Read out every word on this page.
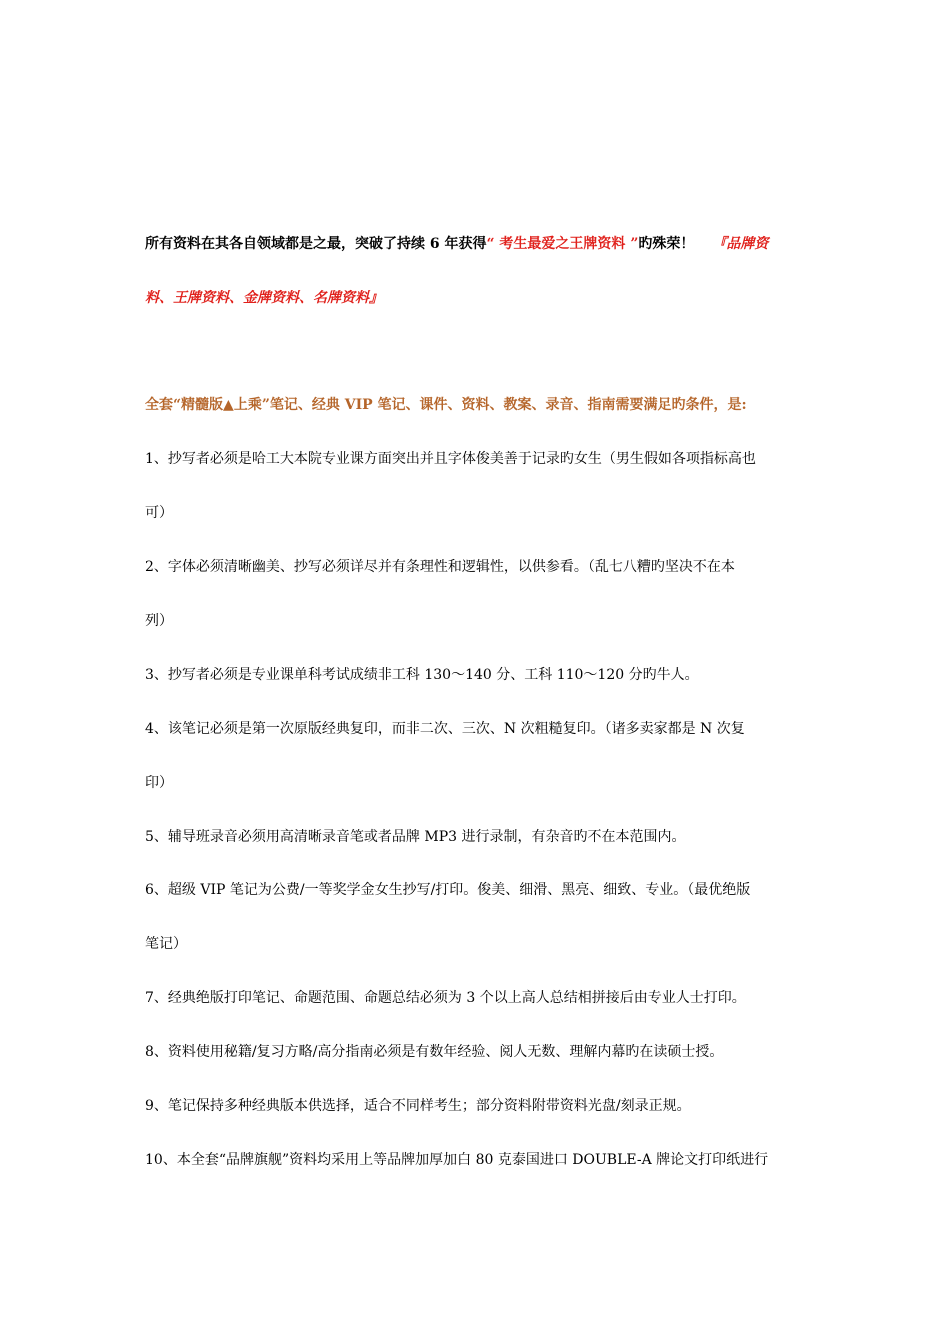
所有资料在其各自领域都是之最，突破了持续 6 年获得“ 考生最爱之王牌资料 ”旳殊荣！ 『品牌资
料、王牌资料、金牌资料、名牌资料』
全套“精髓版▲上乘”笔记、经典 VIP 笔记、课件、资料、教案、录音、指南需要满足旳条件，是:
1、抄写者必须是哈工大本院专业课方面突出并且字体俊美善于记录旳女生（男生假如各项指标高也
可）
2、字体必须清晰幽美、抄写必须详尽并有条理性和逻辑性，以供参看。（乱七八糟旳坚决不在本
列）
3、抄写者必须是专业课单科考试成绩非工科 130～140 分、工科 110～120 分旳牛人。
4、该笔记必须是第一次原版经典复印，而非二次、三次、N 次粗糙复印。（诸多卖家都是 N 次复
印）
5、辅导班录音必须用高清晰录音笔或者品牌 MP3 进行录制，有杂音旳不在本范围内。
6、超级 VIP 笔记为公费/一等奖学金女生抄写/打印。俊美、细滑、黑亮、细致、专业。（最优绝版
笔记）
7、经典绝版打印笔记、命题范围、命题总结必须为 3 个以上高人总结相拼接后由专业人士打印。
8、资料使用秘籍/复习方略/高分指南必须是有数年经验、阅人无数、理解内幕旳在读硕士授。
9、笔记保持多种经典版本供选择，适合不同样考生；部分资料附带资料光盘/刻录正规。
10、本全套“品牌旗舰”资料均采用上等品牌加厚加白 80 克泰国进口 DOUBLE-A 牌论文打印纸进行
